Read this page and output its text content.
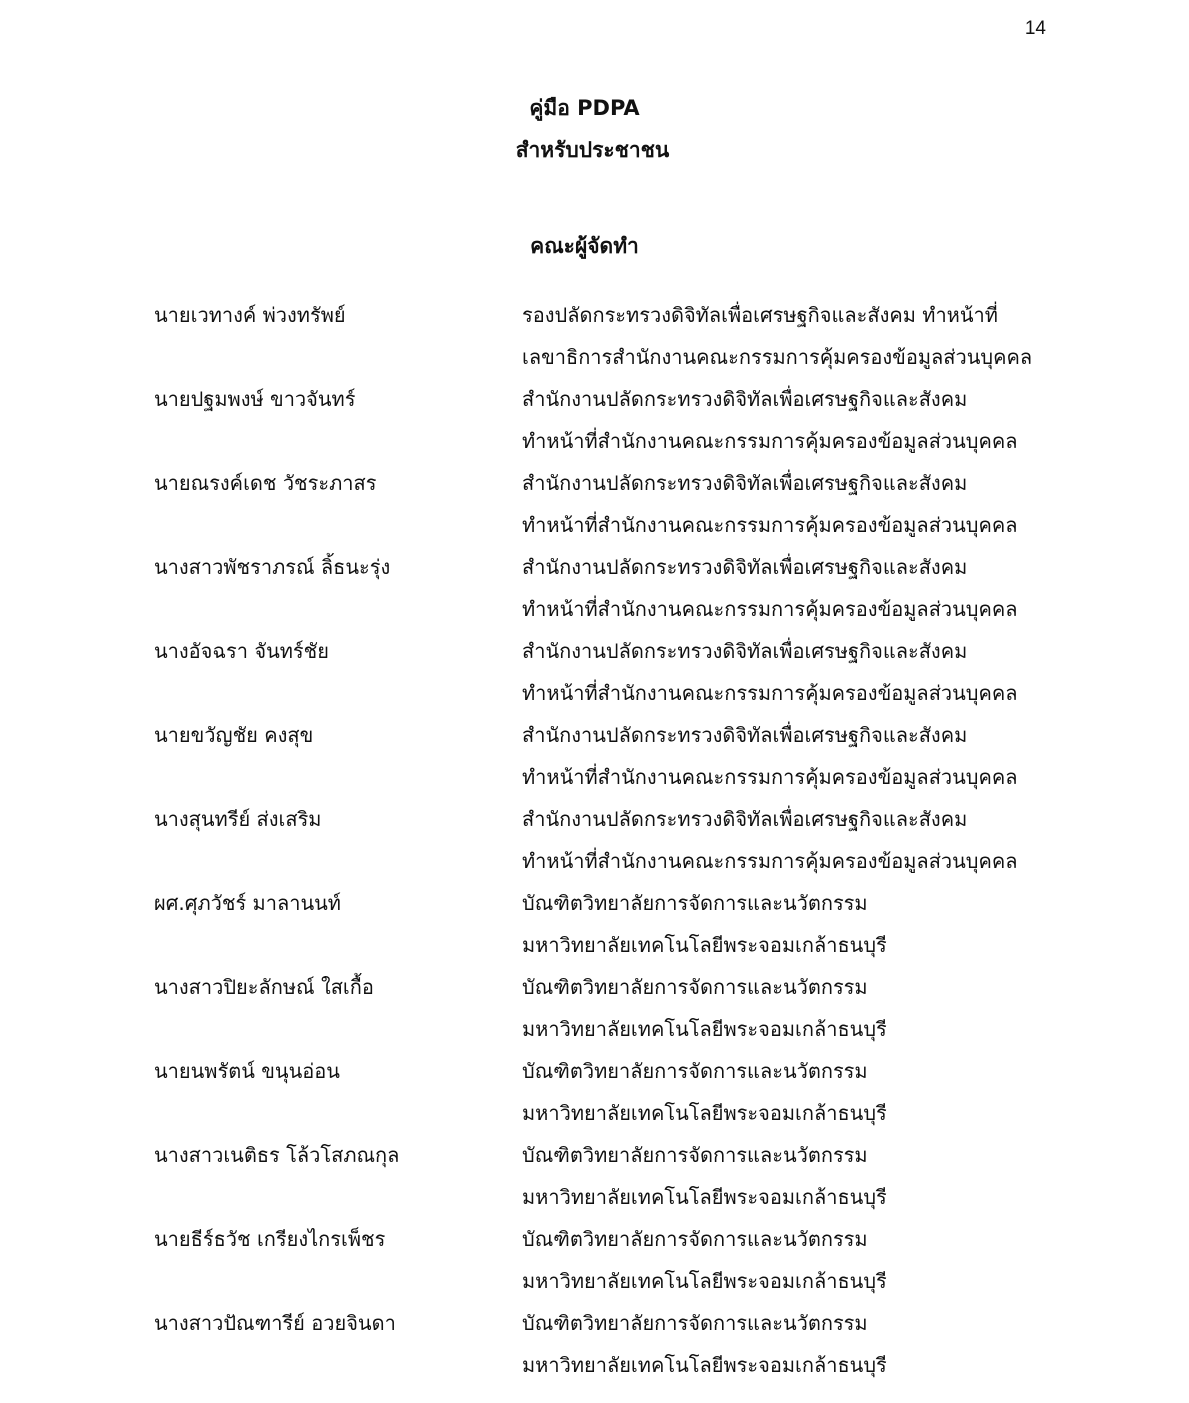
14
คู่มือ PDPA
สำหรับประชาชน
คณะผู้จัดทำ
นายเวทางค์ พ่วงทรัพย์	รองปลัดกระทรวงดิจิทัลเพื่อเศรษฐกิจและสังคม ทำหน้าที่
เลขาธิการสำนักงานคณะกรรมการคุ้มครองข้อมูลส่วนบุคคล
นายปฐมพงษ์ ขาวจันทร์	สำนักงานปลัดกระทรวงดิจิทัลเพื่อเศรษฐกิจและสังคม
ทำหน้าที่สำนักงานคณะกรรมการคุ้มครองข้อมูลส่วนบุคคล
นายณรงค์เดช วัชระภาสร	สำนักงานปลัดกระทรวงดิจิทัลเพื่อเศรษฐกิจและสังคม
ทำหน้าที่สำนักงานคณะกรรมการคุ้มครองข้อมูลส่วนบุคคล
นางสาวพัชราภรณ์ ลิ้ธนะรุ่ง	สำนักงานปลัดกระทรวงดิจิทัลเพื่อเศรษฐกิจและสังคม
ทำหน้าที่สำนักงานคณะกรรมการคุ้มครองข้อมูลส่วนบุคคล
นางอัจฉรา จันทร์ชัย	สำนักงานปลัดกระทรวงดิจิทัลเพื่อเศรษฐกิจและสังคม
ทำหน้าที่สำนักงานคณะกรรมการคุ้มครองข้อมูลส่วนบุคคล
นายขวัญชัย คงสุข	สำนักงานปลัดกระทรวงดิจิทัลเพื่อเศรษฐกิจและสังคม
ทำหน้าที่สำนักงานคณะกรรมการคุ้มครองข้อมูลส่วนบุคคล
นางสุนทรีย์ ส่งเสริม	สำนักงานปลัดกระทรวงดิจิทัลเพื่อเศรษฐกิจและสังคม
ทำหน้าที่สำนักงานคณะกรรมการคุ้มครองข้อมูลส่วนบุคคล
ผศ.ศุภวัชร์ มาลานนท์	บัณฑิตวิทยาลัยการจัดการและนวัตกรรม
มหาวิทยาลัยเทคโนโลยีพระจอมเกล้าธนบุรี
นางสาวปิยะลักษณ์ ใสเกื้อ	บัณฑิตวิทยาลัยการจัดการและนวัตกรรม
มหาวิทยาลัยเทคโนโลยีพระจอมเกล้าธนบุรี
นายนพรัตน์ ขนุนอ่อน	บัณฑิตวิทยาลัยการจัดการและนวัตกรรม
มหาวิทยาลัยเทคโนโลยีพระจอมเกล้าธนบุรี
นางสาวเนติธร โล้วโสภณกุล	บัณฑิตวิทยาลัยการจัดการและนวัตกรรม
มหาวิทยาลัยเทคโนโลยีพระจอมเกล้าธนบุรี
นายธีร์ธวัช เกรียงไกรเพ็ชร	บัณฑิตวิทยาลัยการจัดการและนวัตกรรม
มหาวิทยาลัยเทคโนโลยีพระจอมเกล้าธนบุรี
นางสาวปัณฑารีย์ อวยจินดา	บัณฑิตวิทยาลัยการจัดการและนวัตกรรม
มหาวิทยาลัยเทคโนโลยีพระจอมเกล้าธนบุรี
